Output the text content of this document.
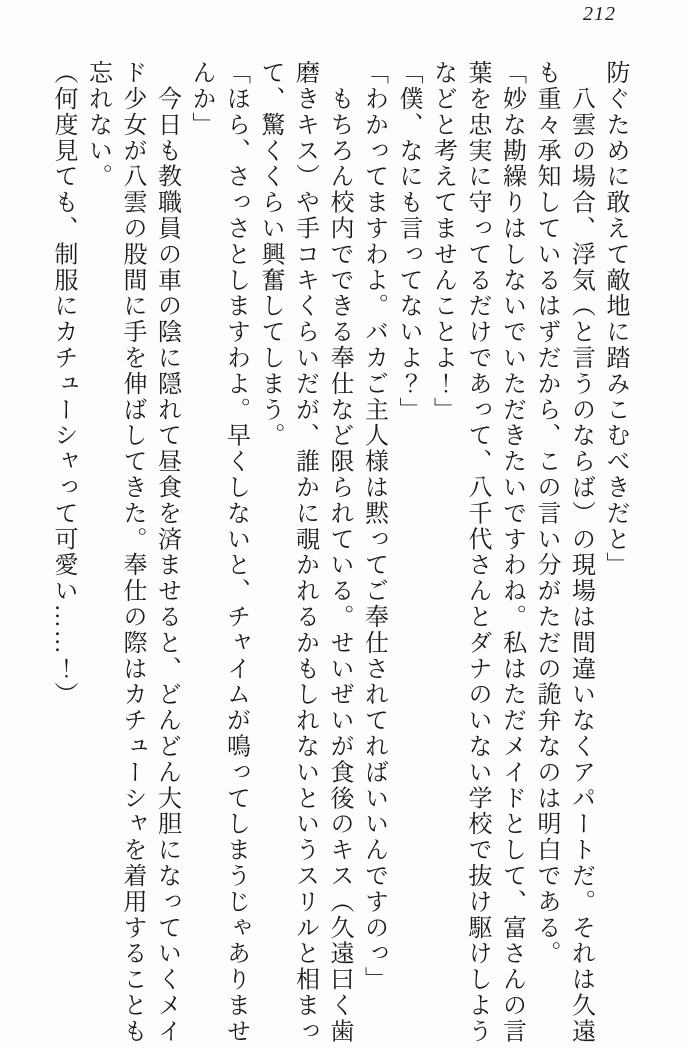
212
防ぐために敢えて敵地に踏みこむべきだと」
　八雲の場合、浮気（と言うのならば）の現場は間違いなくアパートだ。それは久遠
も重々承知しているはずだから、この言い分がただの詭弁なのは明白である。
「妙な勘繰りはしないでいただきたいですわね。私はただメイドとして、富さんの言
葉を忠実に守ってるだけであって、八千代さんとダナのいない学校で抜け駆けしよう
などと考えてませんことよ！」
「僕、なにも言ってないよ？」
「わかってますわよ。バカご主人様は黙ってご奉仕されてればいいんですのっ」
　もちろん校内でできる奉仕など限られている。せいぜいが食後のキス（久遠曰く歯
磨きキス）や手コキくらいだが、誰かに覗かれるかもしれないというスリルと相まっ
て、驚くくらい興奮してしまう。
「ほら、さっさとしますわよ。早くしないと、チャイムが鳴ってしまうじゃありませ
んか」
　今日も教職員の車の陰に隠れて昼食を済ませると、どんどん大胆になっていくメイ
ド少女が八雲の股間に手を伸ばしてきた。奉仕の際はカチューシャを着用することも
忘れない。
（何度見ても、制服にカチューシャって可愛い……！）
